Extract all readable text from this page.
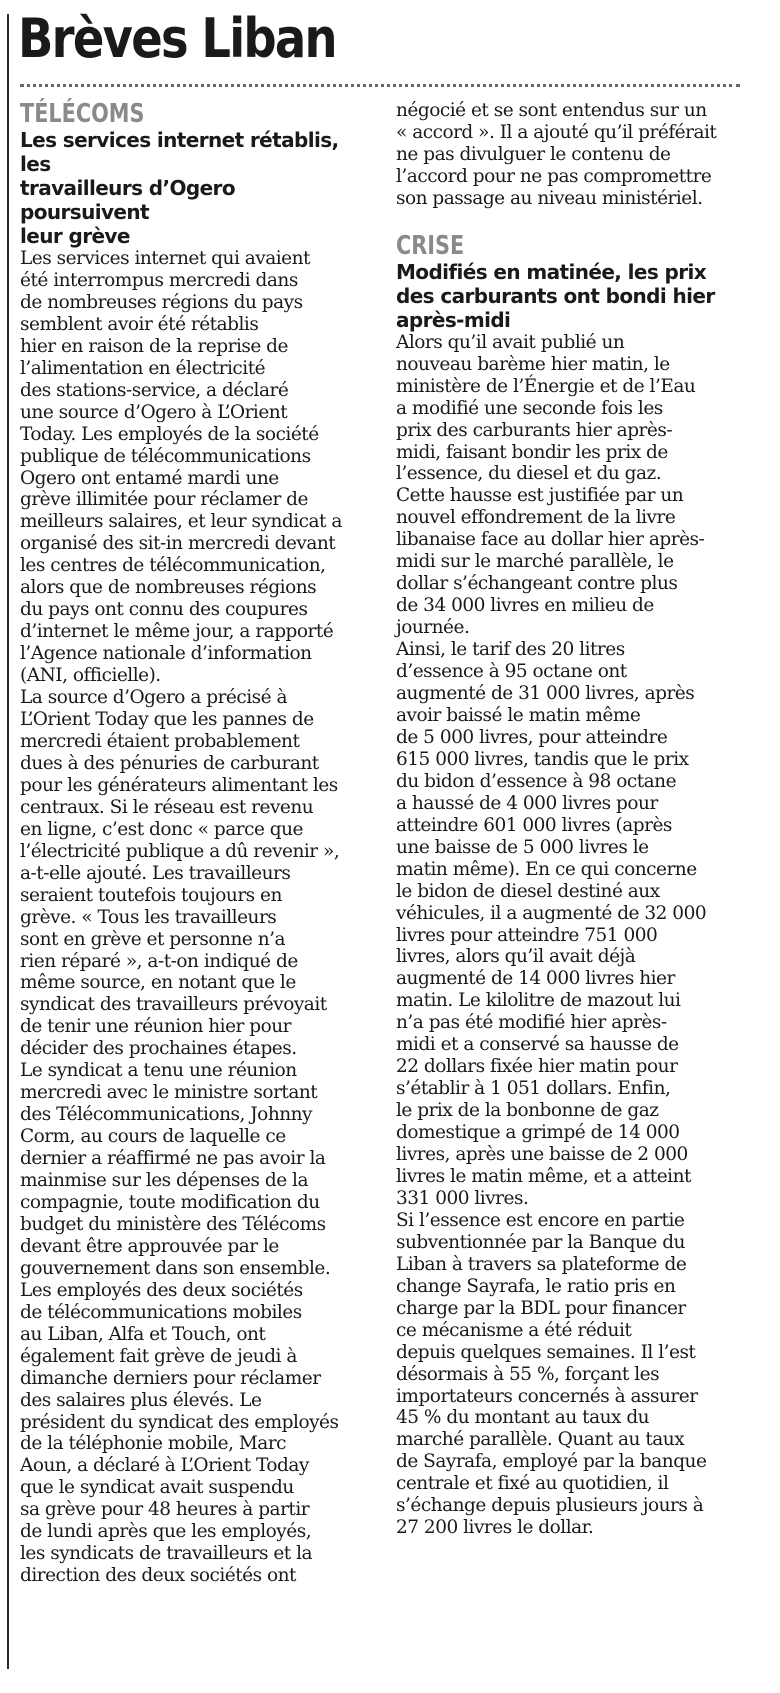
Brèves Liban

TÉLÉCOMS

Les services internet rétablis, les
travailleurs d’Ogero poursuivent
leur grève
Les services internet qui avaient
été interrompus mercredi dans
de nombreuses régions du pays
semblent avoir été rétablis
hier en raison de la reprise de
l’alimentation en électricité
des stations-service, a déclaré
une source d’Ogero à L’Orient
Today. Les employés de la société
publique de télécommunications
Ogero ont entamé mardi une
grève illimitée pour réclamer de
meilleurs salaires, et leur syndicat a
organisé des sit-in mercredi devant
les centres de télécommunication,
alors que de nombreuses régions
du pays ont connu des coupures
d’internet le même jour, a rapporté
l’Agence nationale d’information
(ANI, officielle).
La source d’Ogero a précisé à
L’Orient Today que les pannes de
mercredi étaient probablement
dues à des pénuries de carburant
pour les générateurs alimentant les
centraux. Si le réseau est revenu
en ligne, c’est donc « parce que
l’électricité publique a dû revenir »,
a-t-elle ajouté. Les travailleurs
seraient toutefois toujours en
grève. « Tous les travailleurs
sont en grève et personne n’a
rien réparé », a-t-on indiqué de
même source, en notant que le
syndicat des travailleurs prévoyait
de tenir une réunion hier pour
décider des prochaines étapes.
Le syndicat a tenu une réunion
mercredi avec le ministre sortant
des Télécommunications, Johnny
Corm, au cours de laquelle ce
dernier a réaffirmé ne pas avoir la
mainmise sur les dépenses de la
compagnie, toute modification du
budget du ministère des Télécoms
devant être approuvée par le
gouvernement dans son ensemble.
Les employés des deux sociétés
de télécommunications mobiles
au Liban, Alfa et Touch, ont
également fait grève de jeudi à
dimanche derniers pour réclamer
des salaires plus élevés. Le
président du syndicat des employés
de la téléphonie mobile, Marc
Aoun, a déclaré à L’Orient Today
que le syndicat avait suspendu
sa grève pour 48 heures à partir
de lundi après que les employés,
les syndicats de travailleurs et la
direction des deux sociétés ont
négocié et se sont entendus sur un
« accord ». Il a ajouté qu’il préférait
ne pas divulguer le contenu de
l’accord pour ne pas compromettre
son passage au niveau ministériel.

CRISE

Modifiés en matinée, les prix
des carburants ont bondi hier
après-midi
Alors qu’il avait publié un
nouveau barème hier matin, le
ministère de l’Énergie et de l’Eau
a modifié une seconde fois les
prix des carburants hier après-
midi, faisant bondir les prix de
l’essence, du diesel et du gaz.
Cette hausse est justifiée par un
nouvel effondrement de la livre
libanaise face au dollar hier après-
midi sur le marché parallèle, le
dollar s’échangeant contre plus
de 34 000 livres en milieu de
journée.
Ainsi, le tarif des 20 litres
d’essence à 95 octane ont
augmenté de 31 000 livres, après
avoir baissé le matin même
de 5 000 livres, pour atteindre
615 000 livres, tandis que le prix
du bidon d’essence à 98 octane
a haussé de 4 000 livres pour
atteindre 601 000 livres (après
une baisse de 5 000 livres le
matin même). En ce qui concerne
le bidon de diesel destiné aux
véhicules, il a augmenté de 32 000
livres pour atteindre 751 000
livres, alors qu’il avait déjà
augmenté de 14 000 livres hier
matin. Le kilolitre de mazout lui
n’a pas été modifié hier après-
midi et a conservé sa hausse de
22 dollars fixée hier matin pour
s’établir à 1 051 dollars. Enfin,
le prix de la bonbonne de gaz
domestique a grimpé de 14 000
livres, après une baisse de 2 000
livres le matin même, et a atteint
331 000 livres.
Si l’essence est encore en partie
subventionnée par la Banque du
Liban à travers sa plateforme de
change Sayrafa, le ratio pris en
charge par la BDL pour financer
ce mécanisme a été réduit
depuis quelques semaines. Il l’est
désormais à 55 %, forçant les
importateurs concernés à assurer
45 % du montant au taux du
marché parallèle. Quant au taux
de Sayrafa, employé par la banque
centrale et fixé au quotidien, il
s’échange depuis plusieurs jours à
27 200 livres le dollar.
